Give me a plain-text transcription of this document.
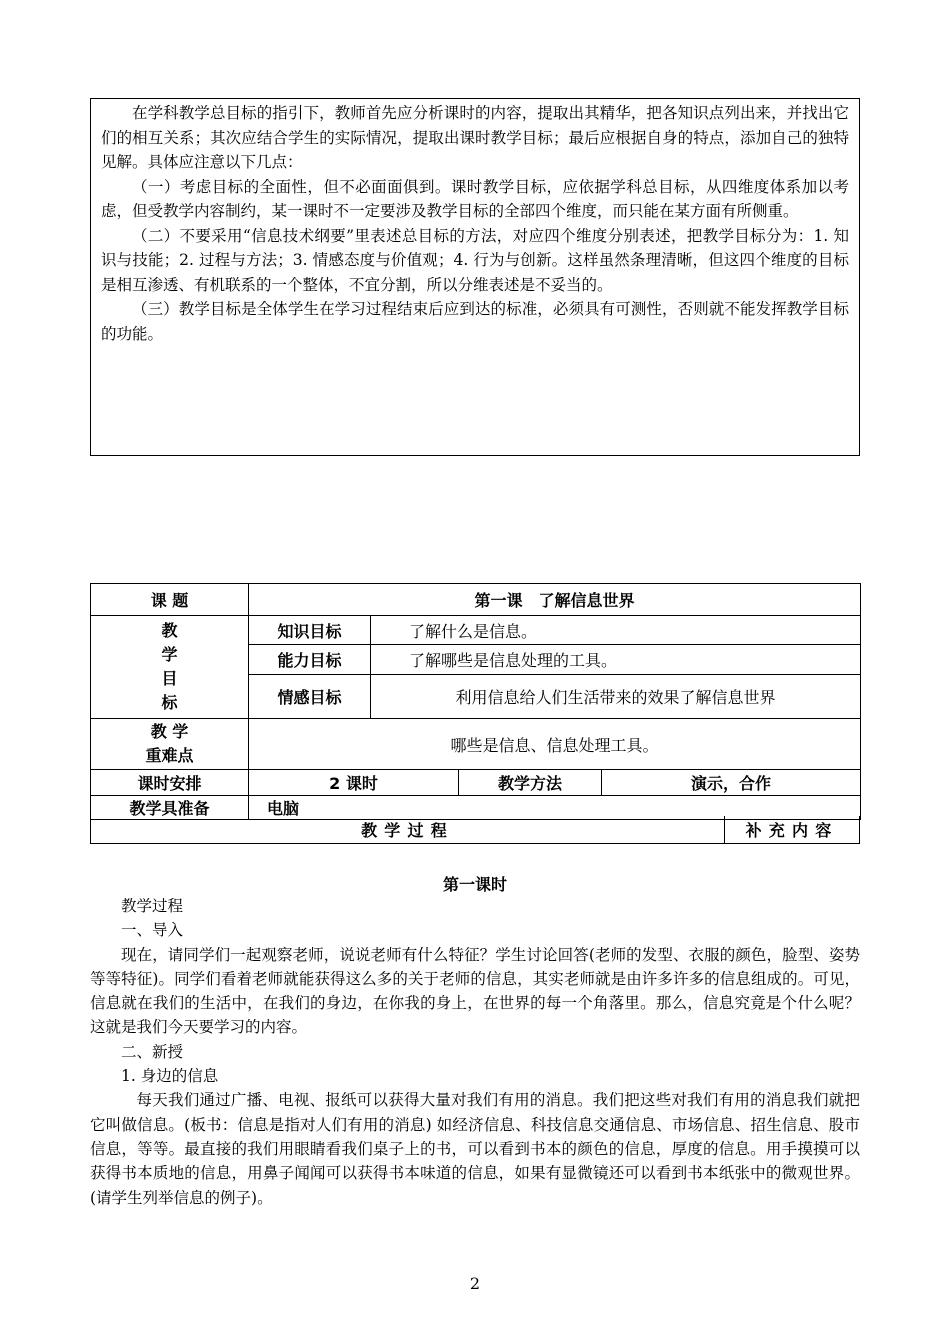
在学科教学总目标的指引下，教师首先应分析课时的内容，提取出其精华，把各知识点列出来，并找出它们的相互关系；其次应结合学生的实际情况，提取出课时教学目标；最后应根据自身的特点，添加自己的独特见解。具体应注意以下几点：

（一）考虑目标的全面性，但不必面面俱到。课时教学目标，应依据学科总目标，从四维度体系加以考虑，但受教学内容制约，某一课时不一定要涉及教学目标的全部四个维度，而只能在某方面有所侧重。

（二）不要采用“信息技术纲要”里表述总目标的方法，对应四个维度分别表述，把教学目标分为：1. 知识与技能；2. 过程与方法；3. 情感态度与价值观；4. 行为与创新。这样虽然条理清晰，但这四个维度的目标是相互渗透、有机联系的一个整体，不宜分割，所以分维表述是不妥当的。

（三）教学目标是全体学生在学习过程结束后应到达的标准，必须具有可测性，否则就不能发挥教学目标的功能。

课 题	第一课　了解信息世界			

教
学
目
标	知识目标	了解什么是信息。		
	能力目标	了解哪些是信息处理的工具。		
	情感目标	利用信息给人们生活带来的效果了解信息世界		

教 学
重难点	哪些是信息、信息处理工具。			
课时安排	2 课时		教学方法	演示，合作
教学具准备	电脑			
教学过程	补充内容
第一课时

教学过程

一、导入

现在，请同学们一起观察老师，说说老师有什么特征？学生讨论回答(老师的发型、衣服的颜色，脸型、姿势等等特征)。同学们看着老师就能获得这么多的关于老师的信息，其实老师就是由许多许多的信息组成的。可见，信息就在我们的生活中，在我们的身边，在你我的身上，在世界的每一个角落里。那么，信息究竟是个什么呢？这就是我们今天要学习的内容。

二、新授

1. 身边的信息

每天我们通过广播、电视、报纸可以获得大量对我们有用的消息。我们把这些对我们有用的消息我们就把它叫做信息。(板书：信息是指对人们有用的消息) 如经济信息、科技信息交通信息、市场信息、招生信息、股市信息，等等。最直接的我们用眼睛看我们桌子上的书，可以看到书本的颜色的信息，厚度的信息。用手摸摸可以获得书本质地的信息，用鼻子闻闻可以获得书本味道的信息，如果有显微镜还可以看到书本纸张中的微观世界。(请学生列举信息的例子)。

2
